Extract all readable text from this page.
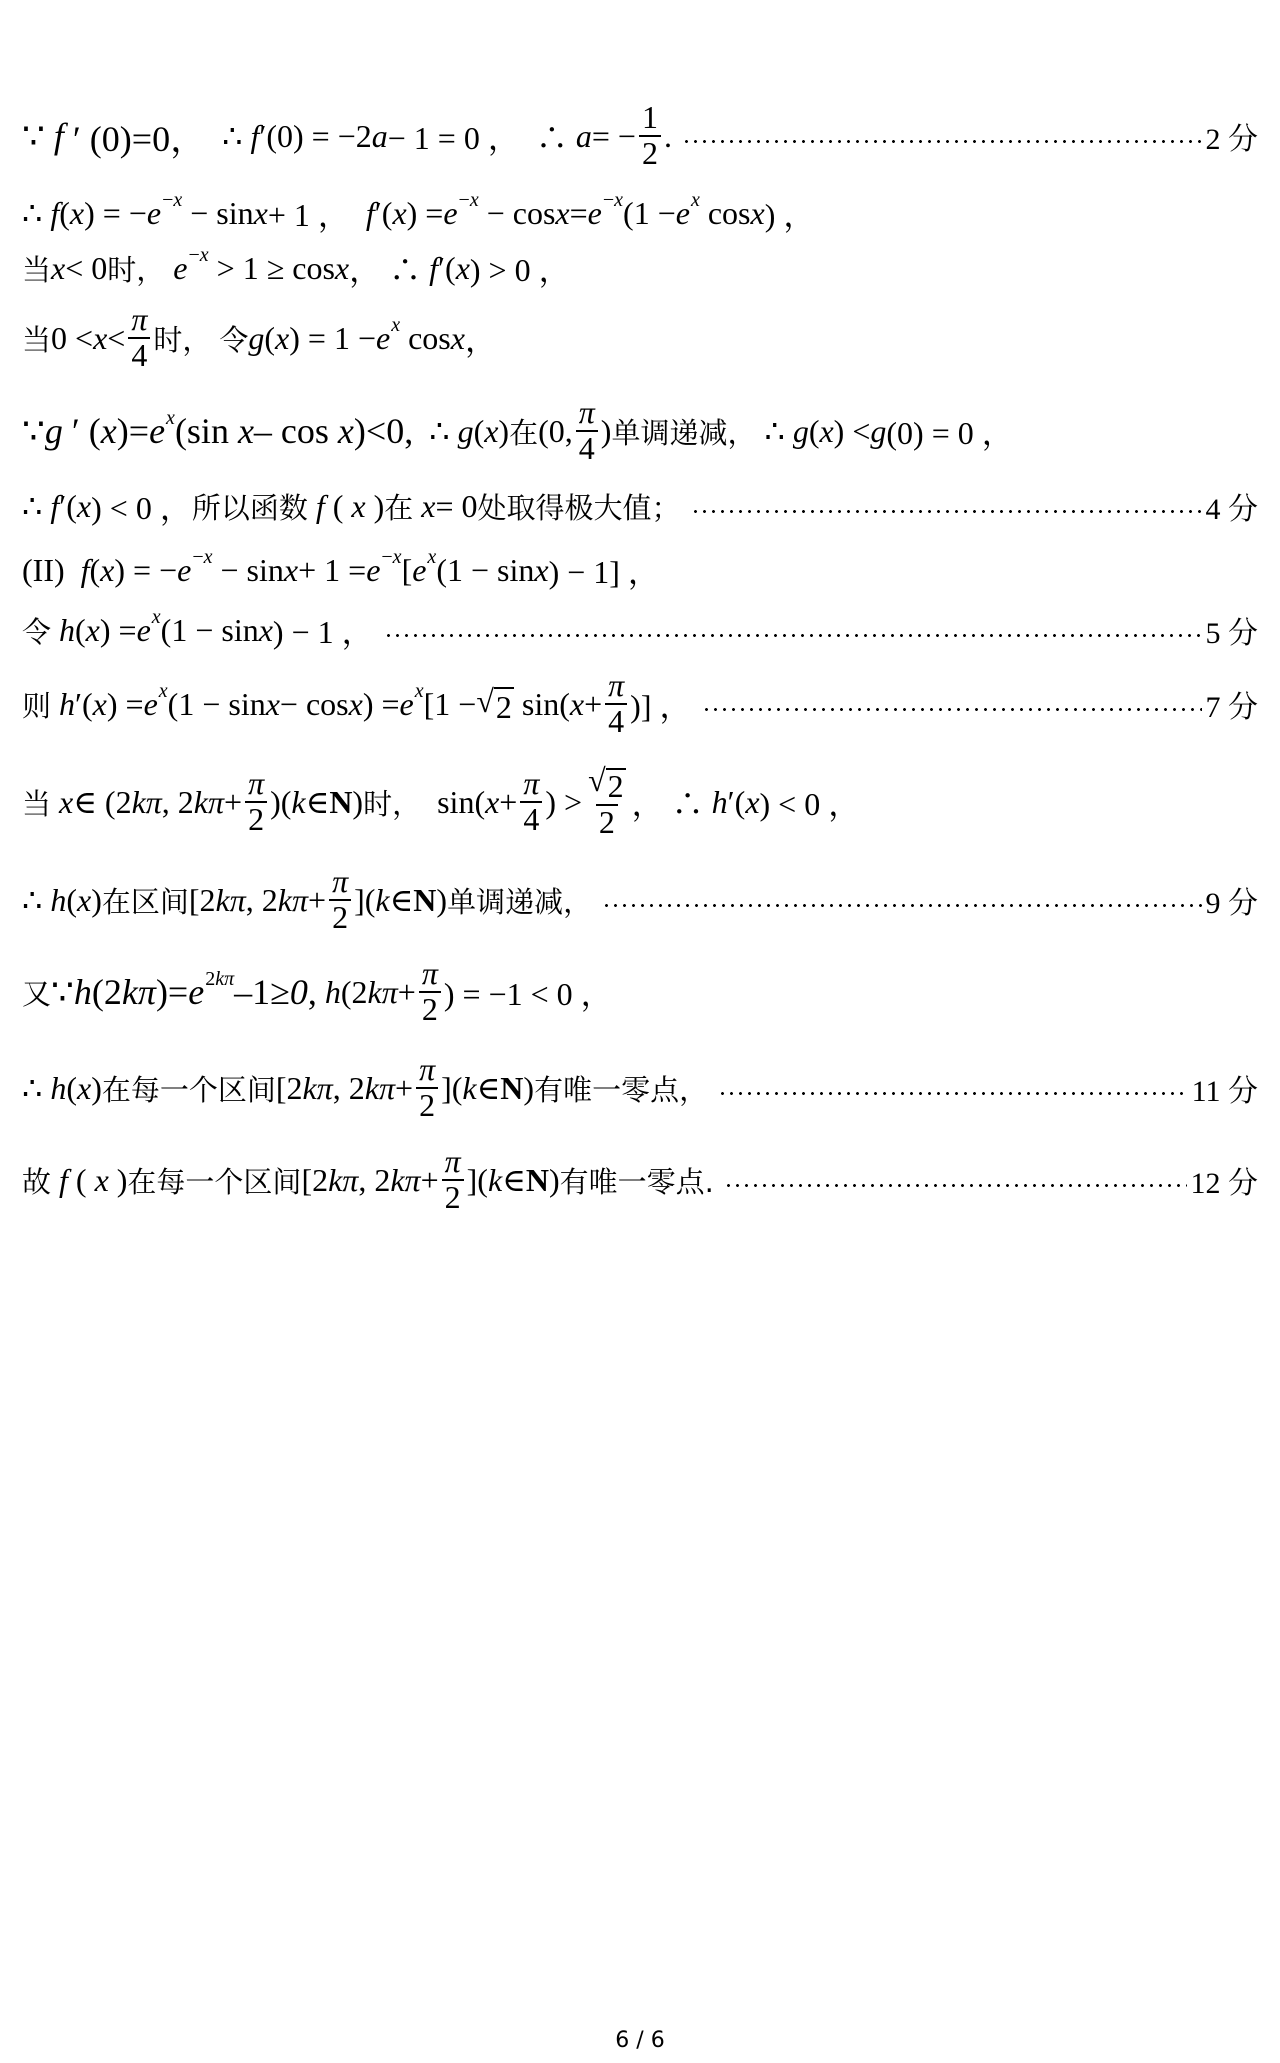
∵ f ′ (0)=0， ∴ f ′(0) = −2 a − 1 = 0 ，  ∴ a = − $\frac{1}{2}$ .	2 分
∴ f ( x ) = − e −x − sin x + 1 ， f ′( x ) = e −x − cos x = e −x (1 − e x cos x ) ，
当 x < 0 时，
e −x > 1 ≥ cos x ， ∴ f ′( x ) > 0 ，
当 $0 < x < \frac{\pi}{4}$ 时，
令 g ( x ) = 1 − e x cos x ，
∵g ′ (x)=e x (sin x– cos x)<0, ∴ g ( x ) 在 (0, $\frac{\pi}{4}$ ) 单调递减， ∴ g ( x ) < g (0) = 0 ，
∴ f ′( x ) < 0 ， 所以函数
f ( x ) 在
x = 0 处取得极大值；	4 分
(II) f ( x ) = − e −x − sin x + 1 = e −x [ e x (1 − sin x ) − 1] ，
令
h ( x ) = e x (1 − sin x ) − 1 ，	5 分
则
h ′( x ) = e x (1 − sin x − cos x ) = e x [1 − √ 2 sin( $x + \frac{\pi}{4}$ )] ，	7 分
当
x ∈ (2 kπ , 2 $k\pi + \frac{\pi}{2}$ )( k ∈ N ) 时， sin( $x + \frac{\pi}{4}$ ) > $\frac{√ 2}{2}$ ， ∴ h ′( x ) < 0 ，
∴ h ( x ) 在区间 [2 kπ , 2 $k\pi + \frac{\pi}{2}$ ]( k ∈ N ) 单调递减，	9 分
又 ∵h(2kπ)=e 2kπ –1≥0,
h (2 $k\pi + \frac{\pi}{2}$ ) = −1 < 0 ，
∴ h ( x ) 在每一个区间 [2 kπ , 2 $k\pi + \frac{\pi}{2}$ ]( k ∈ N ) 有唯一零点，	11 分
故
f ( x ) 在每一个区间 [2 kπ , 2 $k\pi + \frac{\pi}{2}$ ]( k ∈ N ) 有唯一零点.	12 分
6 / 6
